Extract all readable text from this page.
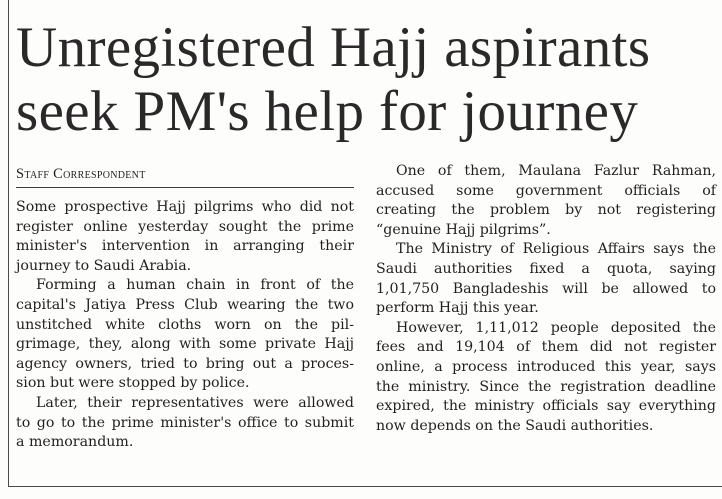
Unregistered Hajj aspirants
seek PM's help for journey
Staff Correspondent
Some prospective Hajj pilgrims who did not
register online yesterday sought the prime
minister's intervention in arranging their
journey to Saudi Arabia.
Forming a human chain in front of the
capital's Jatiya Press Club wearing the two
unstitched white cloths worn on the pil-
grimage, they, along with some private Hajj
agency owners, tried to bring out a proces-
sion but were stopped by police.
Later, their representatives were allowed
to go to the prime minister's office to submit
a memorandum.
One of them, Maulana Fazlur Rahman,
accused some government officials of
creating the problem by not registering
“genuine Hajj pilgrims”.
The Ministry of Religious Affairs says the
Saudi authorities fixed a quota, saying
1,01,750 Bangladeshis will be allowed to
perform Hajj this year.
However, 1,11,012 people deposited the
fees and 19,104 of them did not register
online, a process introduced this year, says
the ministry. Since the registration deadline
expired, the ministry officials say everything
now depends on the Saudi authorities.
